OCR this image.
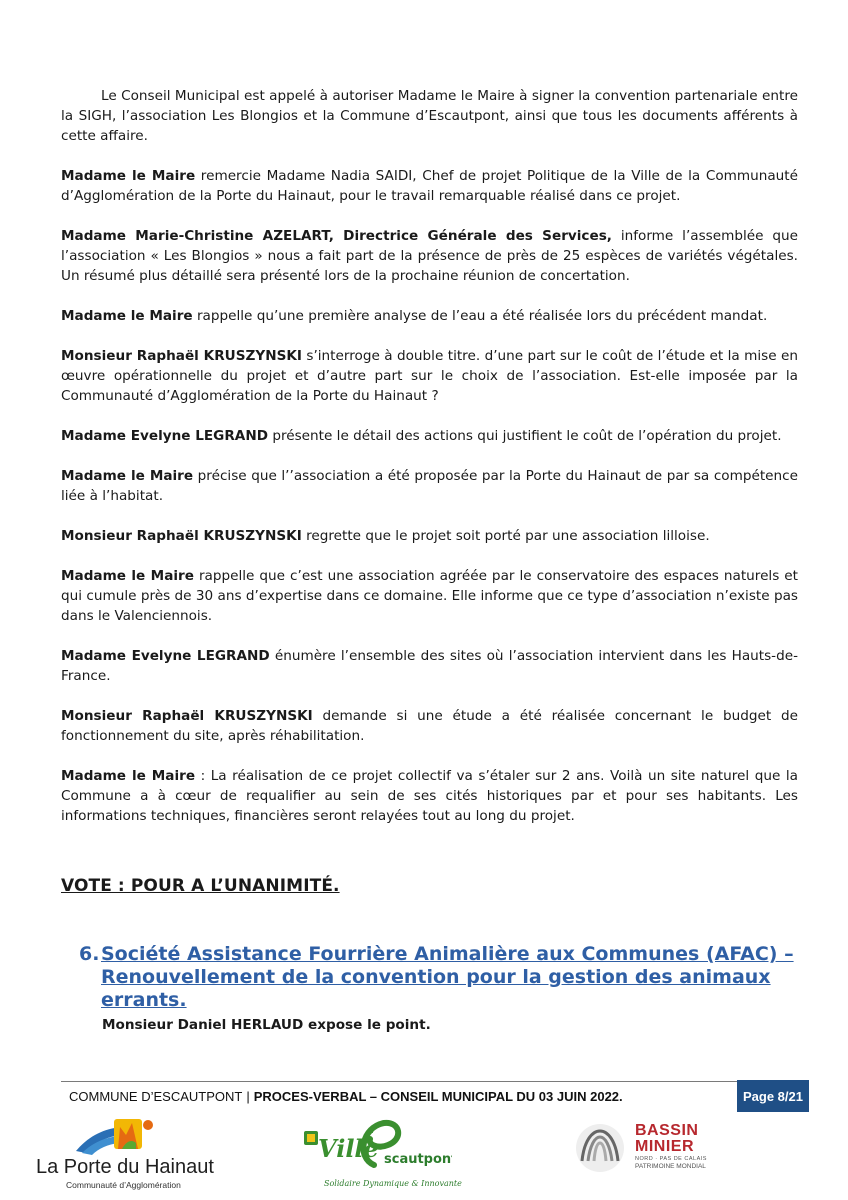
Le Conseil Municipal est appelé à autoriser Madame le Maire à signer la convention partenariale entre la SIGH, l’association Les Blongios et la Commune d’Escautpont, ainsi que tous les documents afférents à cette affaire.

Madame le Maire remercie Madame Nadia SAIDI, Chef de projet Politique de la Ville de la Communauté d’Agglomération de la Porte du Hainaut, pour le travail remarquable réalisé dans ce projet.

Madame Marie-Christine AZELART, Directrice Générale des Services, informe l’assemblée que l’association « Les Blongios » nous a fait part de la présence de près de 25 espèces de variétés végétales. Un résumé plus détaillé sera présenté lors de la prochaine réunion de concertation.

Madame le Maire rappelle qu’une première analyse de l’eau a été réalisée lors du précédent mandat.

Monsieur Raphaël KRUSZYNSKI s’interroge à double titre. d’une part sur le coût de l’étude et la mise en œuvre opérationnelle du projet et d’autre part sur le choix de l’association. Est-elle imposée par la Communauté d’Agglomération de la Porte du Hainaut ?

Madame Evelyne LEGRAND présente le détail des actions qui justifient le coût de l’opération du projet.

Madame le Maire précise que l’’association a été proposée par la Porte du Hainaut de par sa compétence liée à l’habitat.

Monsieur Raphaël KRUSZYNSKI regrette que le projet soit porté par une association lilloise.

Madame le Maire rappelle que c’est une association agréée par le conservatoire des espaces naturels et qui cumule près de 30 ans d’expertise dans ce domaine. Elle informe que ce type d’association n’existe pas dans le Valenciennois.

Madame Evelyne LEGRAND énumère l’ensemble des sites où l’association intervient dans les Hauts-de-France.

Monsieur Raphaël KRUSZYNSKI demande si une étude a été réalisée concernant le budget de fonctionnement du site, après réhabilitation.

Madame le Maire : La réalisation de ce projet collectif va s’étaler sur 2 ans. Voilà un site naturel que la Commune a à cœur de requalifier au sein de ses cités historiques par et pour ses habitants. Les informations techniques, financières seront relayées tout au long du projet.

VOTE : POUR A L’UNANIMITÉ.
6. Société Assistance Fourrière Animalière aux Communes (AFAC) –
Renouvellement de la convention pour la gestion des animaux errants.
Monsieur Daniel HERLAUD expose le point.
COMMUNE D’ESCAUTPONT | PROCES-VERBAL – CONSEIL MUNICIPAL DU 03 JUIN 2022.	Page 8/21
La Porte du Hainaut
Communauté d’Agglomération
Ville
d’
scautpont
Solidaire Dynamique & Innovante
BASSIN
MINIER
NORD · PAS DE CALAIS
PATRIMOINE MONDIAL
